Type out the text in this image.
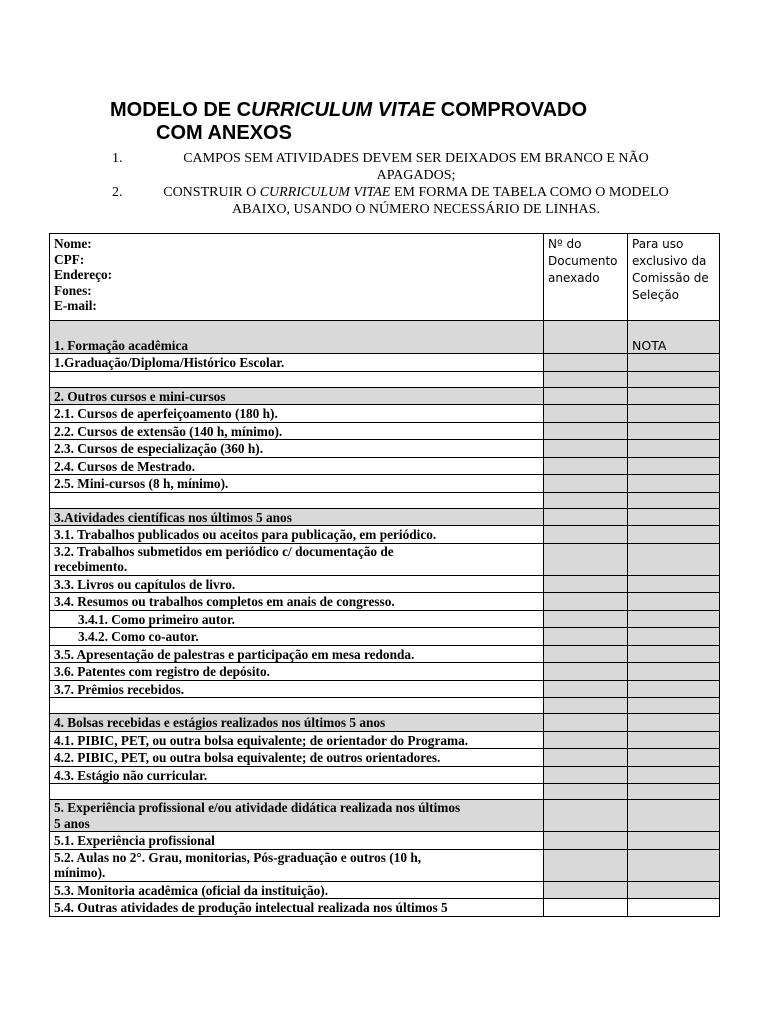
MODELO DE CURRICULUM VITAE COMPROVADO
COM ANEXOS
1.	CAMPOS SEM ATIVIDADES DEVEM SER DEIXADOS EM BRANCO E NÃO APAGADOS;
2.	CONSTRUIR O CURRICULUM VITAE EM FORMA DE TABELA COMO O MODELO ABAIXO, USANDO O NÚMERO NECESSÁRIO DE LINHAS.
Nome:
CPF:
Endereço:
Fones:
E-mail:	Nº do Documento anexado	Para uso exclusivo da Comissão de Seleção
1. Formação acadêmica		NOTA
1.Graduação/Diploma/Histórico Escolar.		

2. Outros cursos e mini-cursos		
2.1. Cursos de aperfeiçoamento (180 h).		
2.2. Cursos de extensão (140 h, mínimo).		
2.3. Cursos de especialização (360 h).		
2.4. Cursos de Mestrado.		
2.5. Mini-cursos (8 h, mínimo).		

3.Atividades científicas nos últimos 5 anos		
3.1. Trabalhos publicados ou aceitos para publicação, em periódico.		

3.2. Trabalhos submetidos em periódico c/ documentação de
recebimento.		

3.3. Livros ou capítulos de livro.		
3.4. Resumos ou trabalhos completos em anais de congresso.		
3.4.1. Como primeiro autor.		
3.4.2. Como co-autor.		
3.5. Apresentação de palestras e participação em mesa redonda.		
3.6. Patentes com registro de depósito.		
3.7. Prêmios recebidos.		

4. Bolsas recebidas e estágios realizados nos últimos 5 anos		
4.1. PIBIC, PET, ou outra bolsa equivalente; de orientador do Programa.		
4.2. PIBIC, PET, ou outra bolsa equivalente; de outros orientadores.		
4.3. Estágio não curricular.		

5. Experiência profissional e/ou atividade didática realizada nos últimos
5 anos		

5.1. Experiência profissional		

5.2. Aulas no 2°. Grau, monitorias, Pós-graduação e outros (10 h,
mínimo).		

5.3. Monitoria acadêmica (oficial da instituição).		
5.4. Outras atividades de produção intelectual realizada nos últimos 5		
